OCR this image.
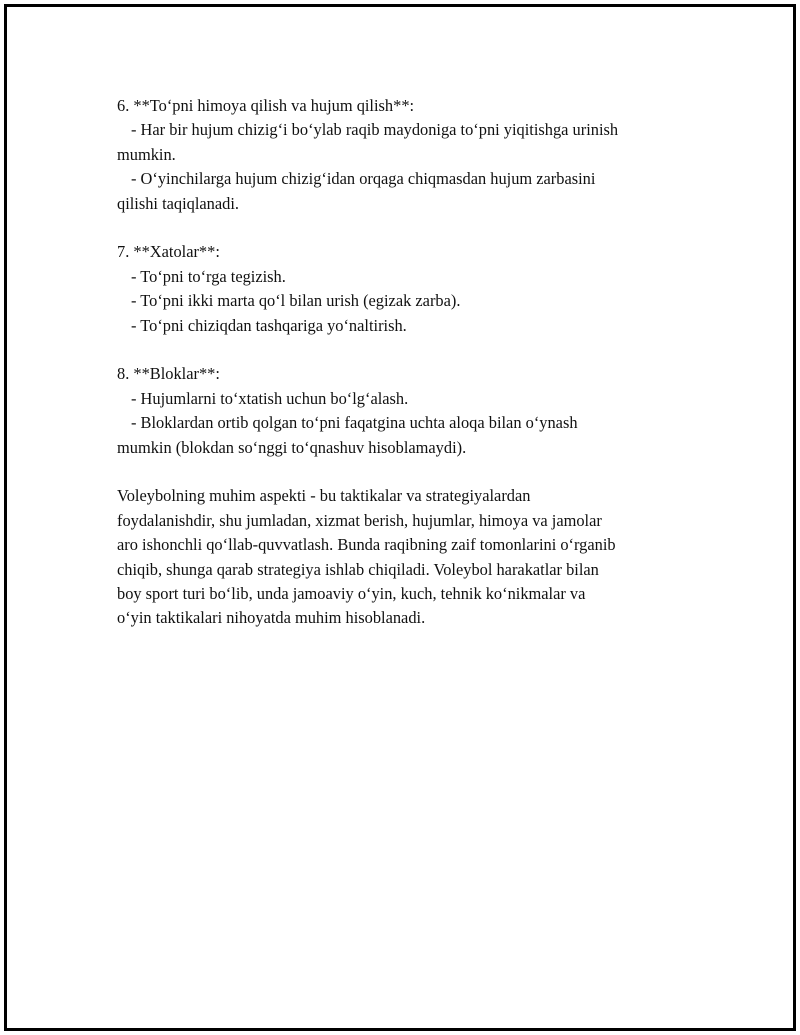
6. **To‘pni himoya qilish va hujum qilish**:
- Har bir hujum chizig‘i bo‘ylab raqib maydoniga to‘pni yiqitishga urinish
mumkin.
- O‘yinchilarga hujum chizig‘idan orqaga chiqmasdan hujum zarbasini
qilishi taqiqlanadi.
7. **Xatolar**:
- To‘pni to‘rga tegizish.
- To‘pni ikki marta qo‘l bilan urish (egizak zarba).
- To‘pni chiziqdan tashqariga yo‘naltirish.
8. **Bloklar**:
- Hujumlarni to‘xtatish uchun bo‘lg‘alash.
- Bloklardan ortib qolgan to‘pni faqatgina uchta aloqa bilan o‘ynash
mumkin (blokdan so‘nggi to‘qnashuv hisoblamaydi).
Voleybolning muhim aspekti - bu taktikalar va strategiyalardan
foydalanishdir, shu jumladan, xizmat berish, hujumlar, himoya va jamolar
aro ishonchli qo‘llab-quvvatlash. Bunda raqibning zaif tomonlarini o‘rganib
chiqib, shunga qarab strategiya ishlab chiqiladi. Voleybol harakatlar bilan
boy sport turi bo‘lib, unda jamoaviy o‘yin, kuch, tehnik ko‘nikmalar va
o‘yin taktikalari nihoyatda muhim hisoblanadi.
